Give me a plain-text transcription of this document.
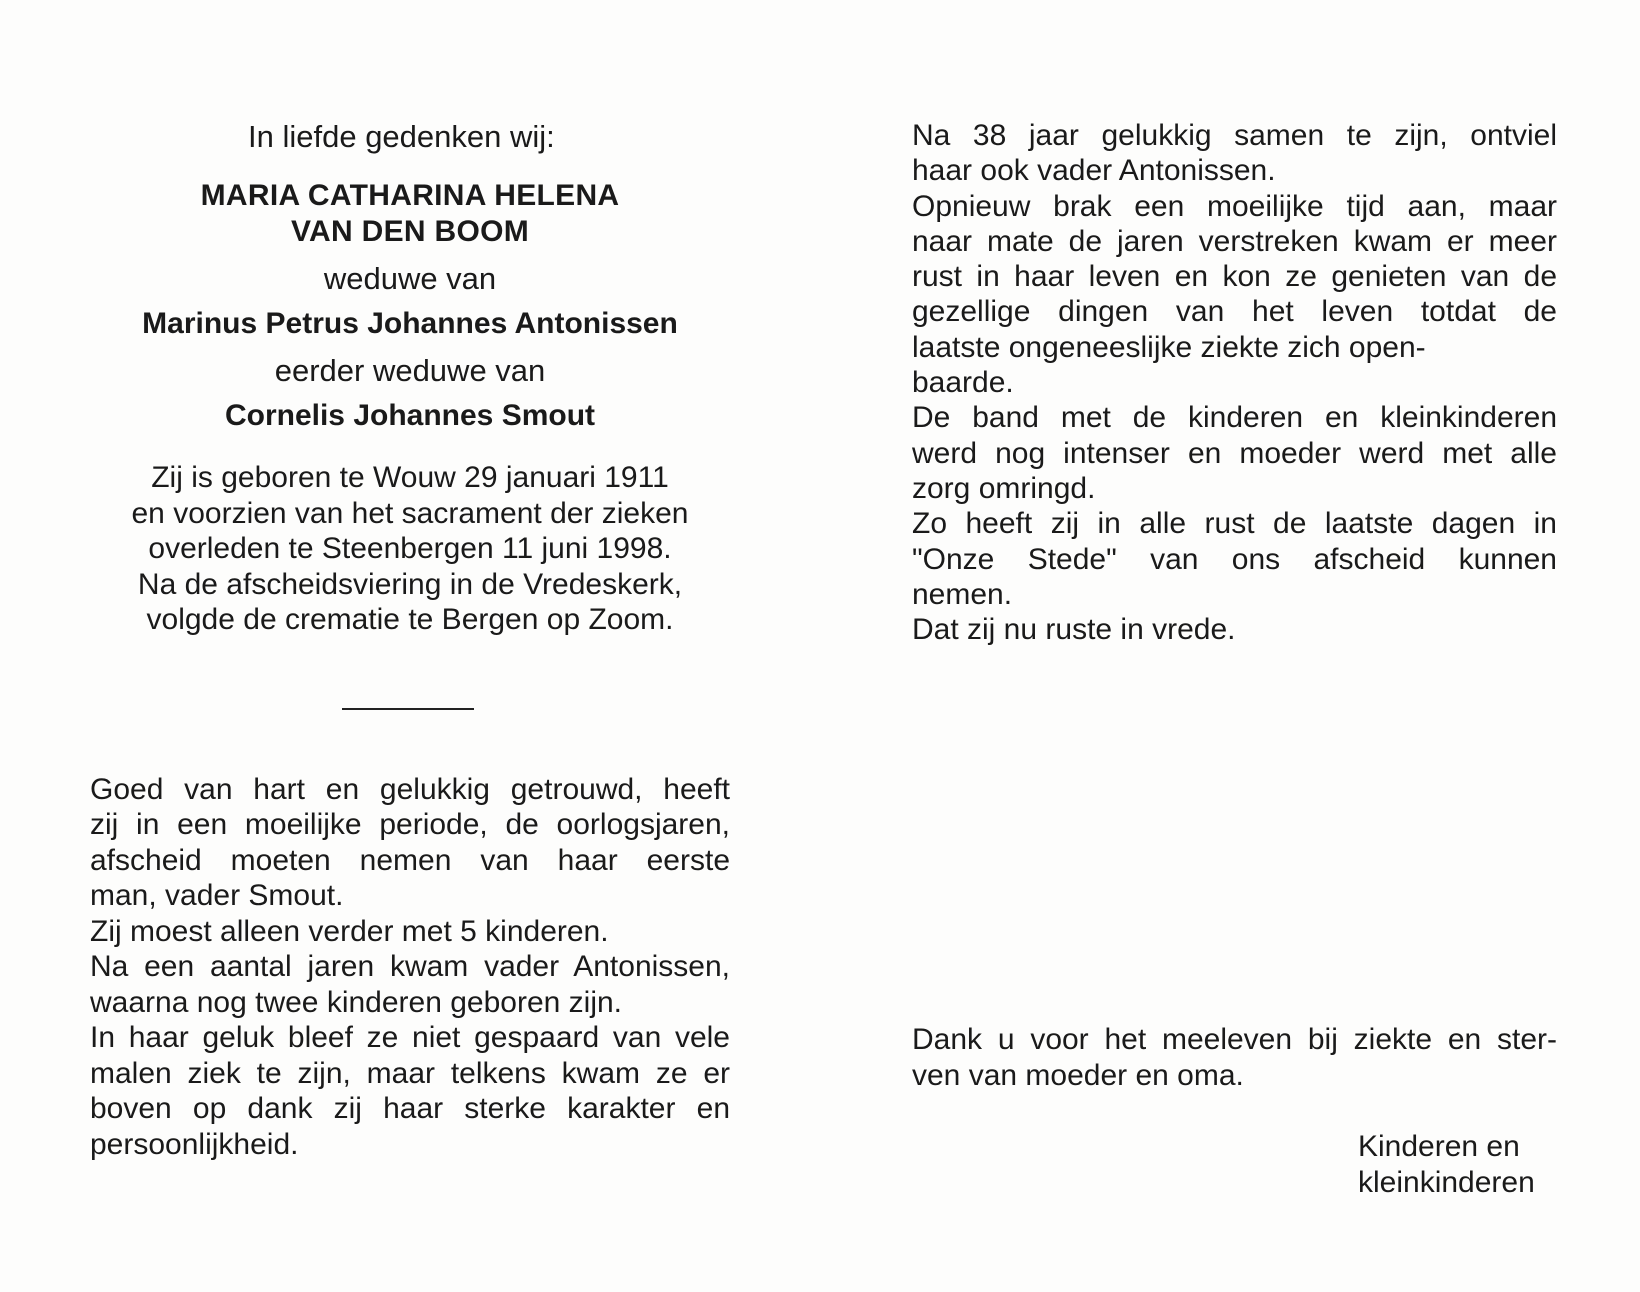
In liefde gedenken wij:
MARIA CATHARINA HELENA
VAN DEN BOOM
weduwe van
Marinus Petrus Johannes Antonissen
eerder weduwe van
Cornelis Johannes Smout
Zij is geboren te Wouw 29 januari 1911
en voorzien van het sacrament der zieken
overleden te Steenbergen 11 juni 1998.
Na de afscheidsviering in de Vredeskerk,
volgde de crematie te Bergen op Zoom.
Goed van hart en gelukkig getrouwd, heeft
zij in een moeilijke periode, de oorlogsjaren,
afscheid moeten nemen van haar eerste
man, vader Smout.
Zij moest alleen verder met 5 kinderen.
Na een aantal jaren kwam vader Antonissen,
waarna nog twee kinderen geboren zijn.
In haar geluk bleef ze niet gespaard van vele
malen ziek te zijn, maar telkens kwam ze er
boven op dank zij haar sterke karakter en
persoonlijkheid.
Na 38 jaar gelukkig samen te zijn, ontviel
haar ook vader Antonissen.
Opnieuw brak een moeilijke tijd aan, maar
naar mate de jaren verstreken kwam er meer
rust in haar leven en kon ze genieten van de
gezellige dingen van het leven totdat de
laatste ongeneeslijke ziekte zich open-
baarde.
De band met de kinderen en kleinkinderen
werd nog intenser en moeder werd met alle
zorg omringd.
Zo heeft zij in alle rust de laatste dagen in
"Onze Stede" van ons afscheid kunnen
nemen.
Dat zij nu ruste in vrede.
Dank u voor het meeleven bij ziekte en ster-
ven van moeder en oma.
Kinderen en
kleinkinderen
